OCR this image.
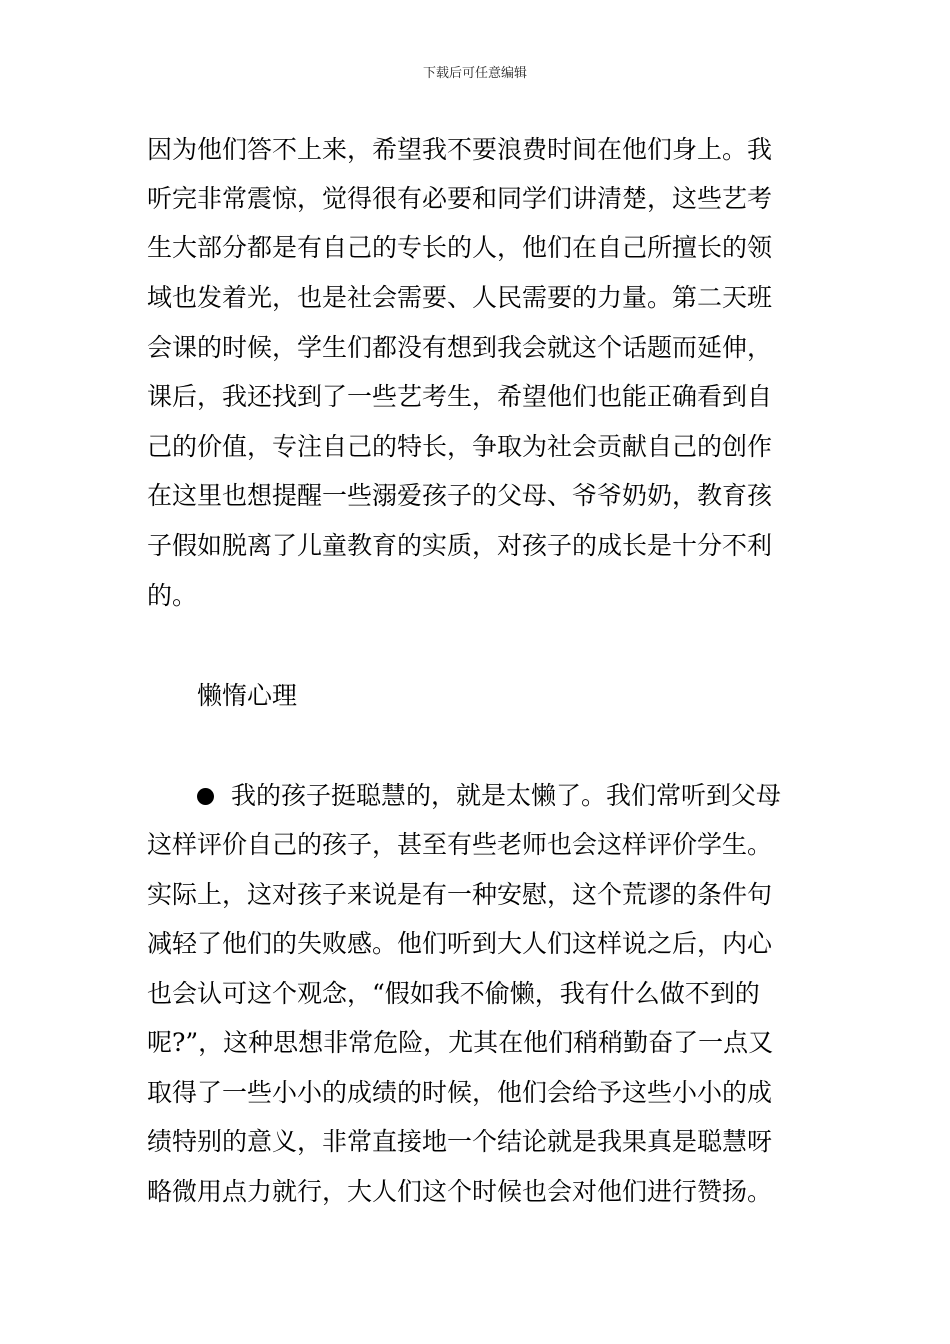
下载后可任意编辑
因为他们答不上来，希望我不要浪费时间在他们身上。我
听完非常震惊，觉得很有必要和同学们讲清楚，这些艺考
生大部分都是有自己的专长的人，他们在自己所擅长的领
域也发着光，也是社会需要、人民需要的力量。第二天班
会课的时候，学生们都没有想到我会就这个话题而延伸，
课后，我还找到了一些艺考生，希望他们也能正确看到自
己的价值，专注自己的特长，争取为社会贡献自己的创作
在这里也想提醒一些溺爱孩子的父母、爷爷奶奶，教育孩
子假如脱离了儿童教育的实质，对孩子的成长是十分不利
的。
懒惰心理
我的孩子挺聪慧的，就是太懒了。我们常听到父母
这样评价自己的孩子，甚至有些老师也会这样评价学生。
实际上，这对孩子来说是有一种安慰，这个荒谬的条件句
减轻了他们的失败感。他们听到大人们这样说之后，内心
也会认可这个观念，“假如我不偷懒，我有什么做不到的
呢?”，这种思想非常危险，尤其在他们稍稍勤奋了一点又
取得了一些小小的成绩的时候，他们会给予这些小小的成
绩特别的意义，非常直接地一个结论就是我果真是聪慧呀
略微用点力就行，大人们这个时候也会对他们进行赞扬。
